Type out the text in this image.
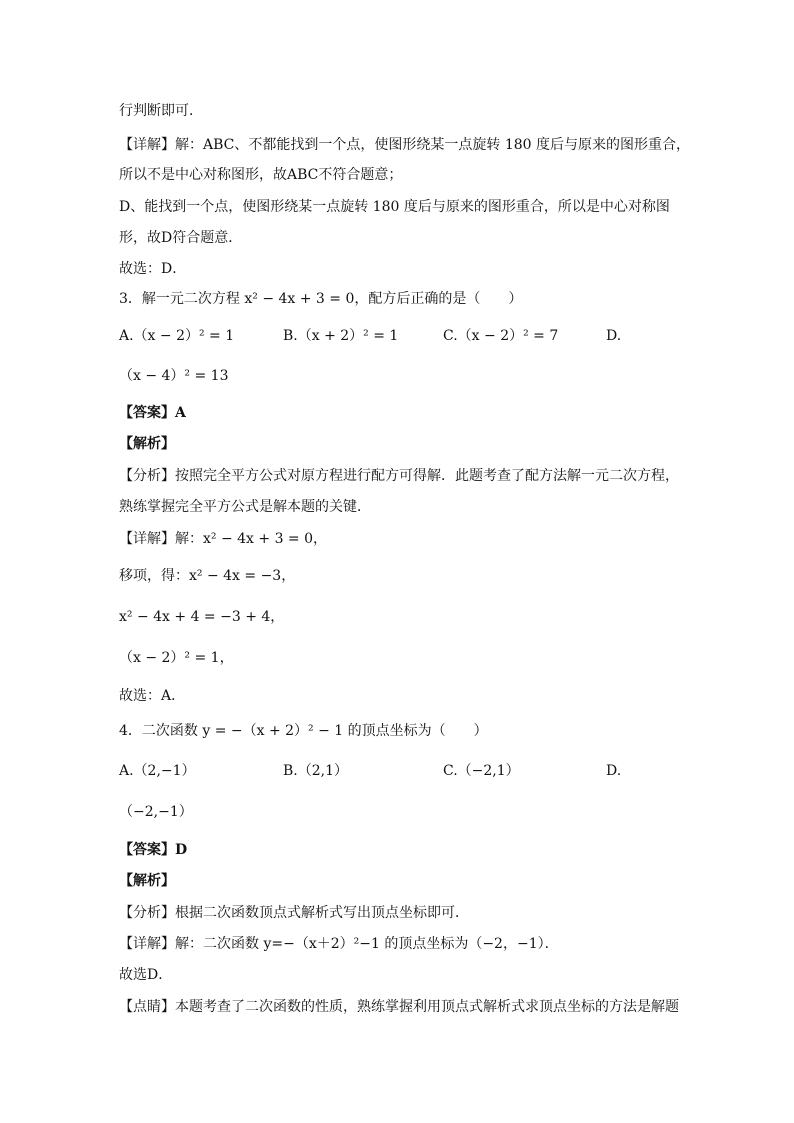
行判断即可．
【详解】解：ABC、不都能找到一个点，使图形绕某一点旋转 180 度后与原来的图形重合，
所以不是中心对称图形，故ABC不符合题意；
D、能找到一个点，使图形绕某一点旋转 180 度后与原来的图形重合，所以是中心对称图
形，故D符合题意．
故选：D．
3．解一元二次方程 x² − 4x + 3 = 0，配方后正确的是（　　）
A.（x − 2）² = 1	B.（x + 2）² = 1	C.（x − 2）² = 7	D.
（x − 4）² = 13
【答案】A
【解析】
【分析】按照完全平方公式对原方程进行配方可得解．此题考查了配方法解一元二次方程，
熟练掌握完全平方公式是解本题的关键．
【详解】解：x² − 4x + 3 = 0，
移项，得：x² − 4x = −3，
x² − 4x + 4 = −3 + 4，
（x − 2）² = 1，
故选：A．
4．二次函数 y = −（x + 2）² − 1 的顶点坐标为（　　）
A.（2,−1）	B.（2,1）	C.（−2,1）	D.
（−2,−1）
【答案】D
【解析】
【分析】根据二次函数顶点式解析式写出顶点坐标即可．
【详解】解：二次函数 y=−（x＋2）²−1 的顶点坐标为（−2，−1）．
故选D．
【点睛】本题考查了二次函数的性质，熟练掌握利用顶点式解析式求顶点坐标的方法是解题
